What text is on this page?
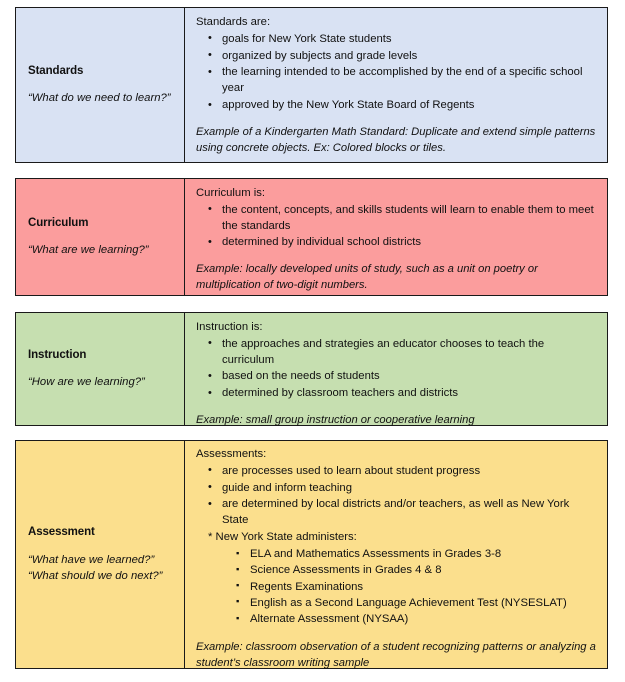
Standards

“What do we need to learn?”

Standards are:

• goals for New York State students
• organized by subjects and grade levels
• the learning intended to be accomplished by the end of a specific school year
• approved by the New York State Board of Regents

Example of a Kindergarten Math Standard: Duplicate and extend simple patterns using concrete objects. Ex: Colored blocks or tiles.

Curriculum

“What are we learning?”

Curriculum is:

• the content, concepts, and skills students will learn to enable them to meet the standards
• determined by individual school districts

Example: locally developed units of study, such as a unit on poetry or multiplication of two-digit numbers.

Instruction

“How are we learning?”

Instruction is:

• the approaches and strategies an educator chooses to teach the curriculum
• based on the needs of students
• determined by classroom teachers and districts

Example: small group instruction or cooperative learning

Assessment

“What have we learned?”

“What should we do next?”

Assessments:

• are processes used to learn about student progress
• guide and inform teaching
• are determined by local districts and/or teachers, as well as New York State

* New York State administers:

▪ ELA and Mathematics Assessments in Grades 3-8
▪ Science Assessments in Grades 4 & 8
▪ Regents Examinations
▪ English as a Second Language Achievement Test (NYSESLAT)
▪ Alternate Assessment (NYSAA)

Example: classroom observation of a student recognizing patterns or analyzing a student’s classroom writing sample
